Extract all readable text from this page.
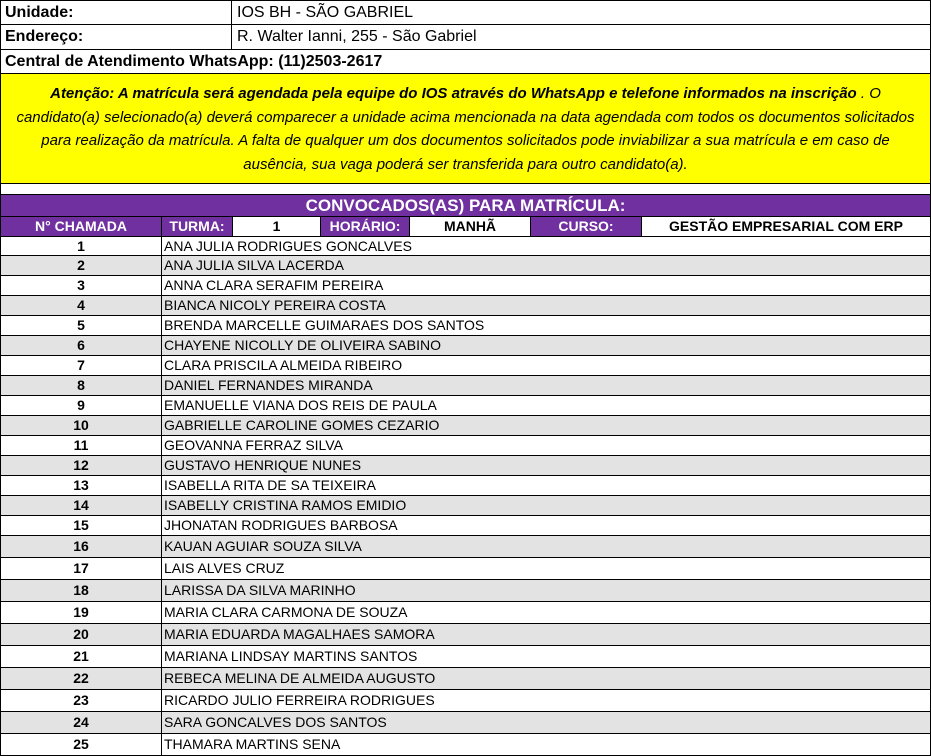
Unidade:	IOS BH - SÃO GABRIEL
Endereço:	R. Walter Ianni, 255 - São Gabriel
Central de Atendimento WhatsApp: (11)2503-2617
Atenção: A matrícula será agendada pela equipe do IOS através do WhatsApp e telefone informados na inscrição . O candidato(a) selecionado(a) deverá comparecer a unidade acima mencionada na data agendada com todos os documentos solicitados para realização da matrícula. A falta de qualquer um dos documentos solicitados pode inviabilizar a sua matrícula e em caso de ausência, sua vaga poderá ser transferida para outro candidato(a).
CONVOCADOS(AS) PARA MATRÍCULA:
N° CHAMADA	TURMA:	1	HORÁRIO:	MANHÃ	CURSO:	GESTÃO EMPRESARIAL COM ERP
1	ANA JULIA RODRIGUES GONCALVES
2	ANA JULIA SILVA LACERDA
3	ANNA CLARA SERAFIM PEREIRA
4	BIANCA NICOLY PEREIRA COSTA
5	BRENDA MARCELLE GUIMARAES DOS SANTOS
6	CHAYENE NICOLLY DE OLIVEIRA SABINO
7	CLARA PRISCILA ALMEIDA RIBEIRO
8	DANIEL FERNANDES MIRANDA
9	EMANUELLE VIANA DOS REIS DE PAULA
10	GABRIELLE CAROLINE GOMES CEZARIO
11	GEOVANNA FERRAZ SILVA
12	GUSTAVO HENRIQUE NUNES
13	ISABELLA RITA DE SA TEIXEIRA
14	ISABELLY CRISTINA RAMOS EMIDIO
15	JHONATAN RODRIGUES BARBOSA
16	KAUAN AGUIAR SOUZA SILVA
17	LAIS ALVES CRUZ
18	LARISSA DA SILVA MARINHO
19	MARIA CLARA CARMONA DE SOUZA
20	MARIA EDUARDA MAGALHAES SAMORA
21	MARIANA LINDSAY MARTINS SANTOS
22	REBECA MELINA DE ALMEIDA AUGUSTO
23	RICARDO JULIO FERREIRA RODRIGUES
24	SARA GONCALVES DOS SANTOS
25	THAMARA MARTINS SENA
